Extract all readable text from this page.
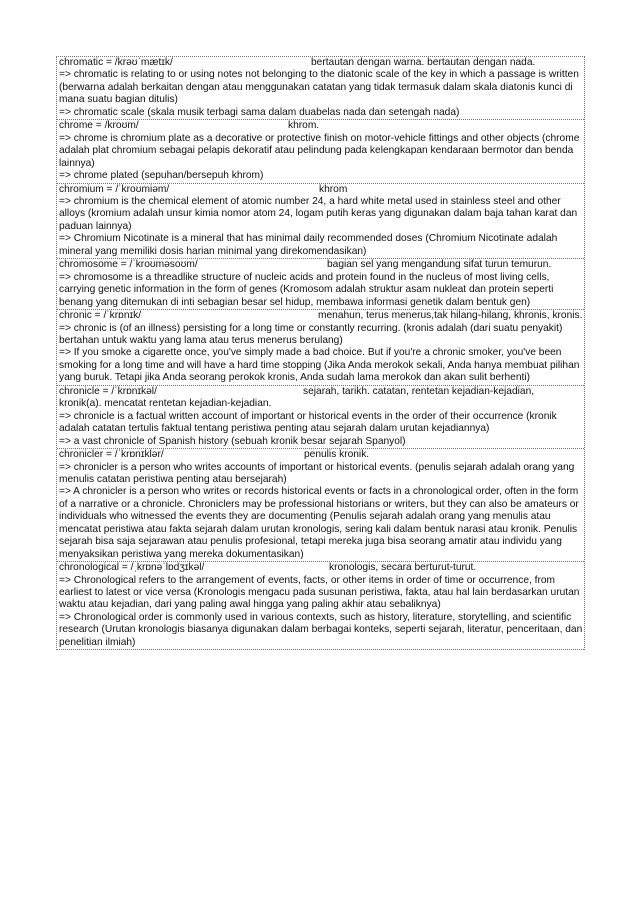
chromatic = /krəʊˈmætɪk/	bertautan dengan warna. bertautan dengan nada.
=> chromatic is relating to or using notes not belonging to the diatonic scale of the key in which a passage is written (berwarna adalah berkaitan dengan atau menggunakan catatan yang tidak termasuk dalam skala diatonis kunci di mana suatu bagian ditulis)
=> chromatic scale (skala musik terbagi sama dalam duabelas nada dan setengah nada)
chrome = /kroʊm/	khrom.
=> chrome is chromium plate as a decorative or protective finish on motor-vehicle fittings and other objects (chrome adalah plat chromium sebagai pelapis dekoratif atau pelindung pada kelengkapan kendaraan bermotor dan benda lainnya)
=> chrome plated (sepuhan/bersepuh khrom)
chromium = /ˈkroʊmiəm/	khrom
=> chromium is the chemical element of atomic number 24, a hard white metal used in stainless steel and other alloys (kromium adalah unsur kimia nomor atom 24, logam putih keras yang digunakan dalam baja tahan karat dan paduan lainnya)
=> Chromium Nicotinate is a mineral that has minimal daily recommended doses (Chromium Nicotinate adalah mineral yang memiliki dosis harian minimal yang direkomendasikan)
chromosome = /ˈkroʊməsoʊm/	bagian sel yang mengandung sifat turun temurun.
=> chromosome is a threadlike structure of nucleic acids and protein found in the nucleus of most living cells, carrying genetic information in the form of genes (Kromosom adalah struktur asam nukleat dan protein seperti benang yang ditemukan di inti sebagian besar sel hidup, membawa informasi genetik dalam bentuk gen)
chronic = /ˈkrɒnɪk/	menahun, terus menerus,tak hilang-hilang, khronis, kronis.
=> chronic is (of an illness) persisting for a long time or constantly recurring. (kronis adalah (dari suatu penyakit) bertahan untuk waktu yang lama atau terus menerus berulang)
=> If you smoke a cigarette once, you've simply made a bad choice. But if you're a chronic smoker, you've been smoking for a long time and will have a hard time stopping (Jika Anda merokok sekali, Anda hanya membuat pilihan yang buruk. Tetapi jika Anda seorang perokok kronis, Anda sudah lama merokok dan akan sulit berhenti)
chronicle = /ˈkrɒnɪkəl/	sejarah, tarikh. catatan, rentetan kejadian-kejadian,
kronik(a). mencatat rentetan kejadian-kejadian.
=> chronicle is a factual written account of important or historical events in the order of their occurrence (kronik adalah catatan tertulis faktual tentang peristiwa penting atau sejarah dalam urutan kejadiannya)
=> a vast chronicle of Spanish history (sebuah kronik besar sejarah Spanyol)
chronicler = /ˈkrɒnɪklər/	penulis kronik.
=> chronicler is a person who writes accounts of important or historical events. (penulis sejarah adalah orang yang menulis catatan peristiwa penting atau bersejarah)
=> A chronicler is a person who writes or records historical events or facts in a chronological order, often in the form of a narrative or a chronicle. Chroniclers may be professional historians or writers, but they can also be amateurs or individuals who witnessed the events they are documenting (Penulis sejarah adalah orang yang menulis atau mencatat peristiwa atau fakta sejarah dalam urutan kronologis, sering kali dalam bentuk narasi atau kronik. Penulis sejarah bisa saja sejarawan atau penulis profesional, tetapi mereka juga bisa seorang amatir atau individu yang menyaksikan peristiwa yang mereka dokumentasikan)
chronological = /ˌkrɒnəˈlɒdʒɪkəl/	kronologis, secara berturut-turut.
=> Chronological refers to the arrangement of events, facts, or other items in order of time or occurrence, from earliest to latest or vice versa (Kronologis mengacu pada susunan peristiwa, fakta, atau hal lain berdasarkan urutan waktu atau kejadian, dari yang paling awal hingga yang paling akhir atau sebaliknya)
=> Chronological order is commonly used in various contexts, such as history, literature, storytelling, and scientific research (Urutan kronologis biasanya digunakan dalam berbagai konteks, seperti sejarah, literatur, penceritaan, dan penelitian ilmiah)
